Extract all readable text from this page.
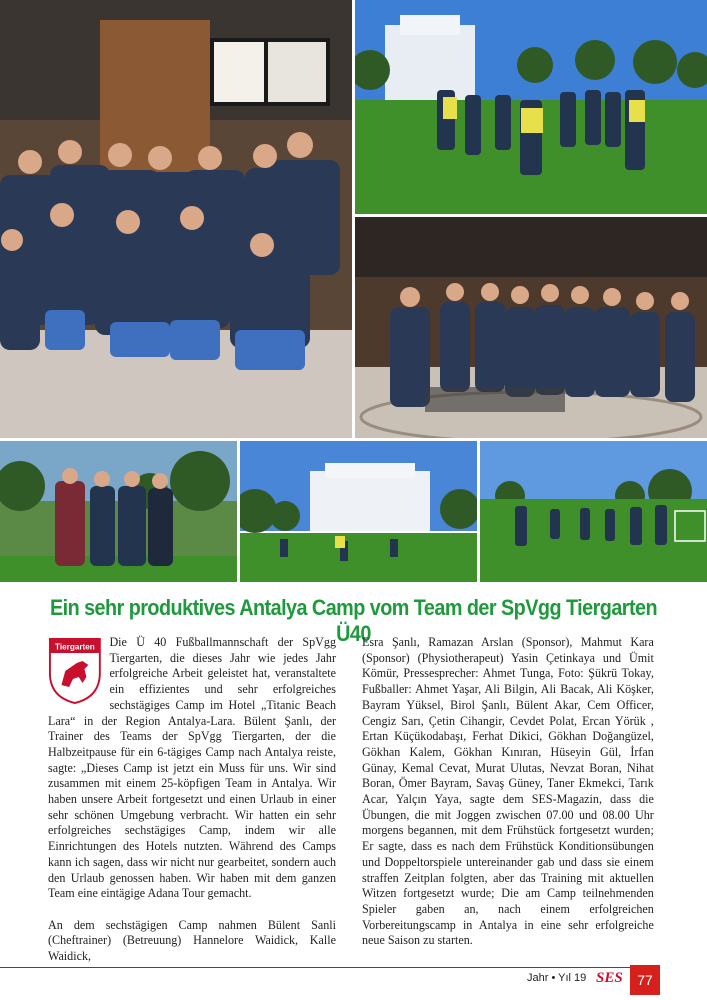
Ein sehr produktives Antalya Camp vom Team der SpVgg Tiergarten Ü40

Tiergarten Die Ü 40 Fußballmannschaft der SpVgg Tiergarten, die dieses Jahr wie jedes Jahr erfolgreiche Arbeit geleistet hat, veranstaltete ein effizientes und sehr erfolgreiches sechstägiges Camp im Hotel „Titanic Beach Lara“ in der Region Antalya-Lara. Bülent Şanlı, der Trainer des Teams der SpVgg Tiergarten, der die Halbzeitpause für ein 6-tägiges Camp nach Antalya reiste, sagte: „Dieses Camp ist jetzt ein Muss für uns. Wir sind zusammen mit einem 25-köpfigen Team in Antalya. Wir haben unsere Arbeit fortgesetzt und einen Urlaub in einer sehr schönen Umgebung verbracht. Wir hatten ein sehr erfolgreiches sechstägiges Camp, indem wir alle Einrichtungen des Hotels nutzten. Während des Camps kann ich sagen, dass wir nicht nur gearbeitet, sondern auch den Urlaub genossen haben. Wir haben mit dem ganzen Team eine eintägige Adana Tour gemacht.

An dem sechstägigen Camp nahmen Bülent Sanli (Cheftrainer) (Betreuung) Hannelore Waidick, Kalle Waidick,

Esra Şanlı, Ramazan Arslan (Sponsor), Mahmut Kara (Sponsor) (Physiotherapeut) Yasin Çetinkaya und Ümit Kömür, Pressesprecher: Ahmet Tunga, Foto: Şükrü Tokay, Fußballer: Ahmet Yaşar, Ali Bilgin, Ali Bacak, Ali Köşker, Bayram Yüksel, Birol Şanlı, Bülent Akar, Cem Officer, Cengiz Sarı, Çetin Cihangir, Cevdet Polat, Ercan Yörük , Ertan Küçükodabaşı, Ferhat Dikici, Gökhan Doğangüzel, Gökhan Kalem, Gökhan Kınıran, Hüseyin Gül, İrfan Günay, Kemal Cevat, Murat Ulutas, Nevzat Boran, Nihat Boran, Ömer Bayram, Savaş Güney, Taner Ekmekci, Tarık Acar, Yalçın Yaya, sagte dem SES-Magazin, dass die Übungen, die mit Joggen zwischen 07.00 und 08.00 Uhr morgens begannen, mit dem Frühstück fortgesetzt wurden; Er sagte, dass es nach dem Frühstück Konditionsübungen und Doppeltorspiele untereinander gab und dass sie einem straffen Zeitplan folgten, aber das Training mit aktuellen Witzen fortgesetzt wurde; Die am Camp teilnehmenden Spieler gaben an, nach einem erfolgreichen Vorbereitungscamp in Antalya in eine sehr erfolgreiche neue Saison zu starten.

Jahr • Yıl 19 SES	77
